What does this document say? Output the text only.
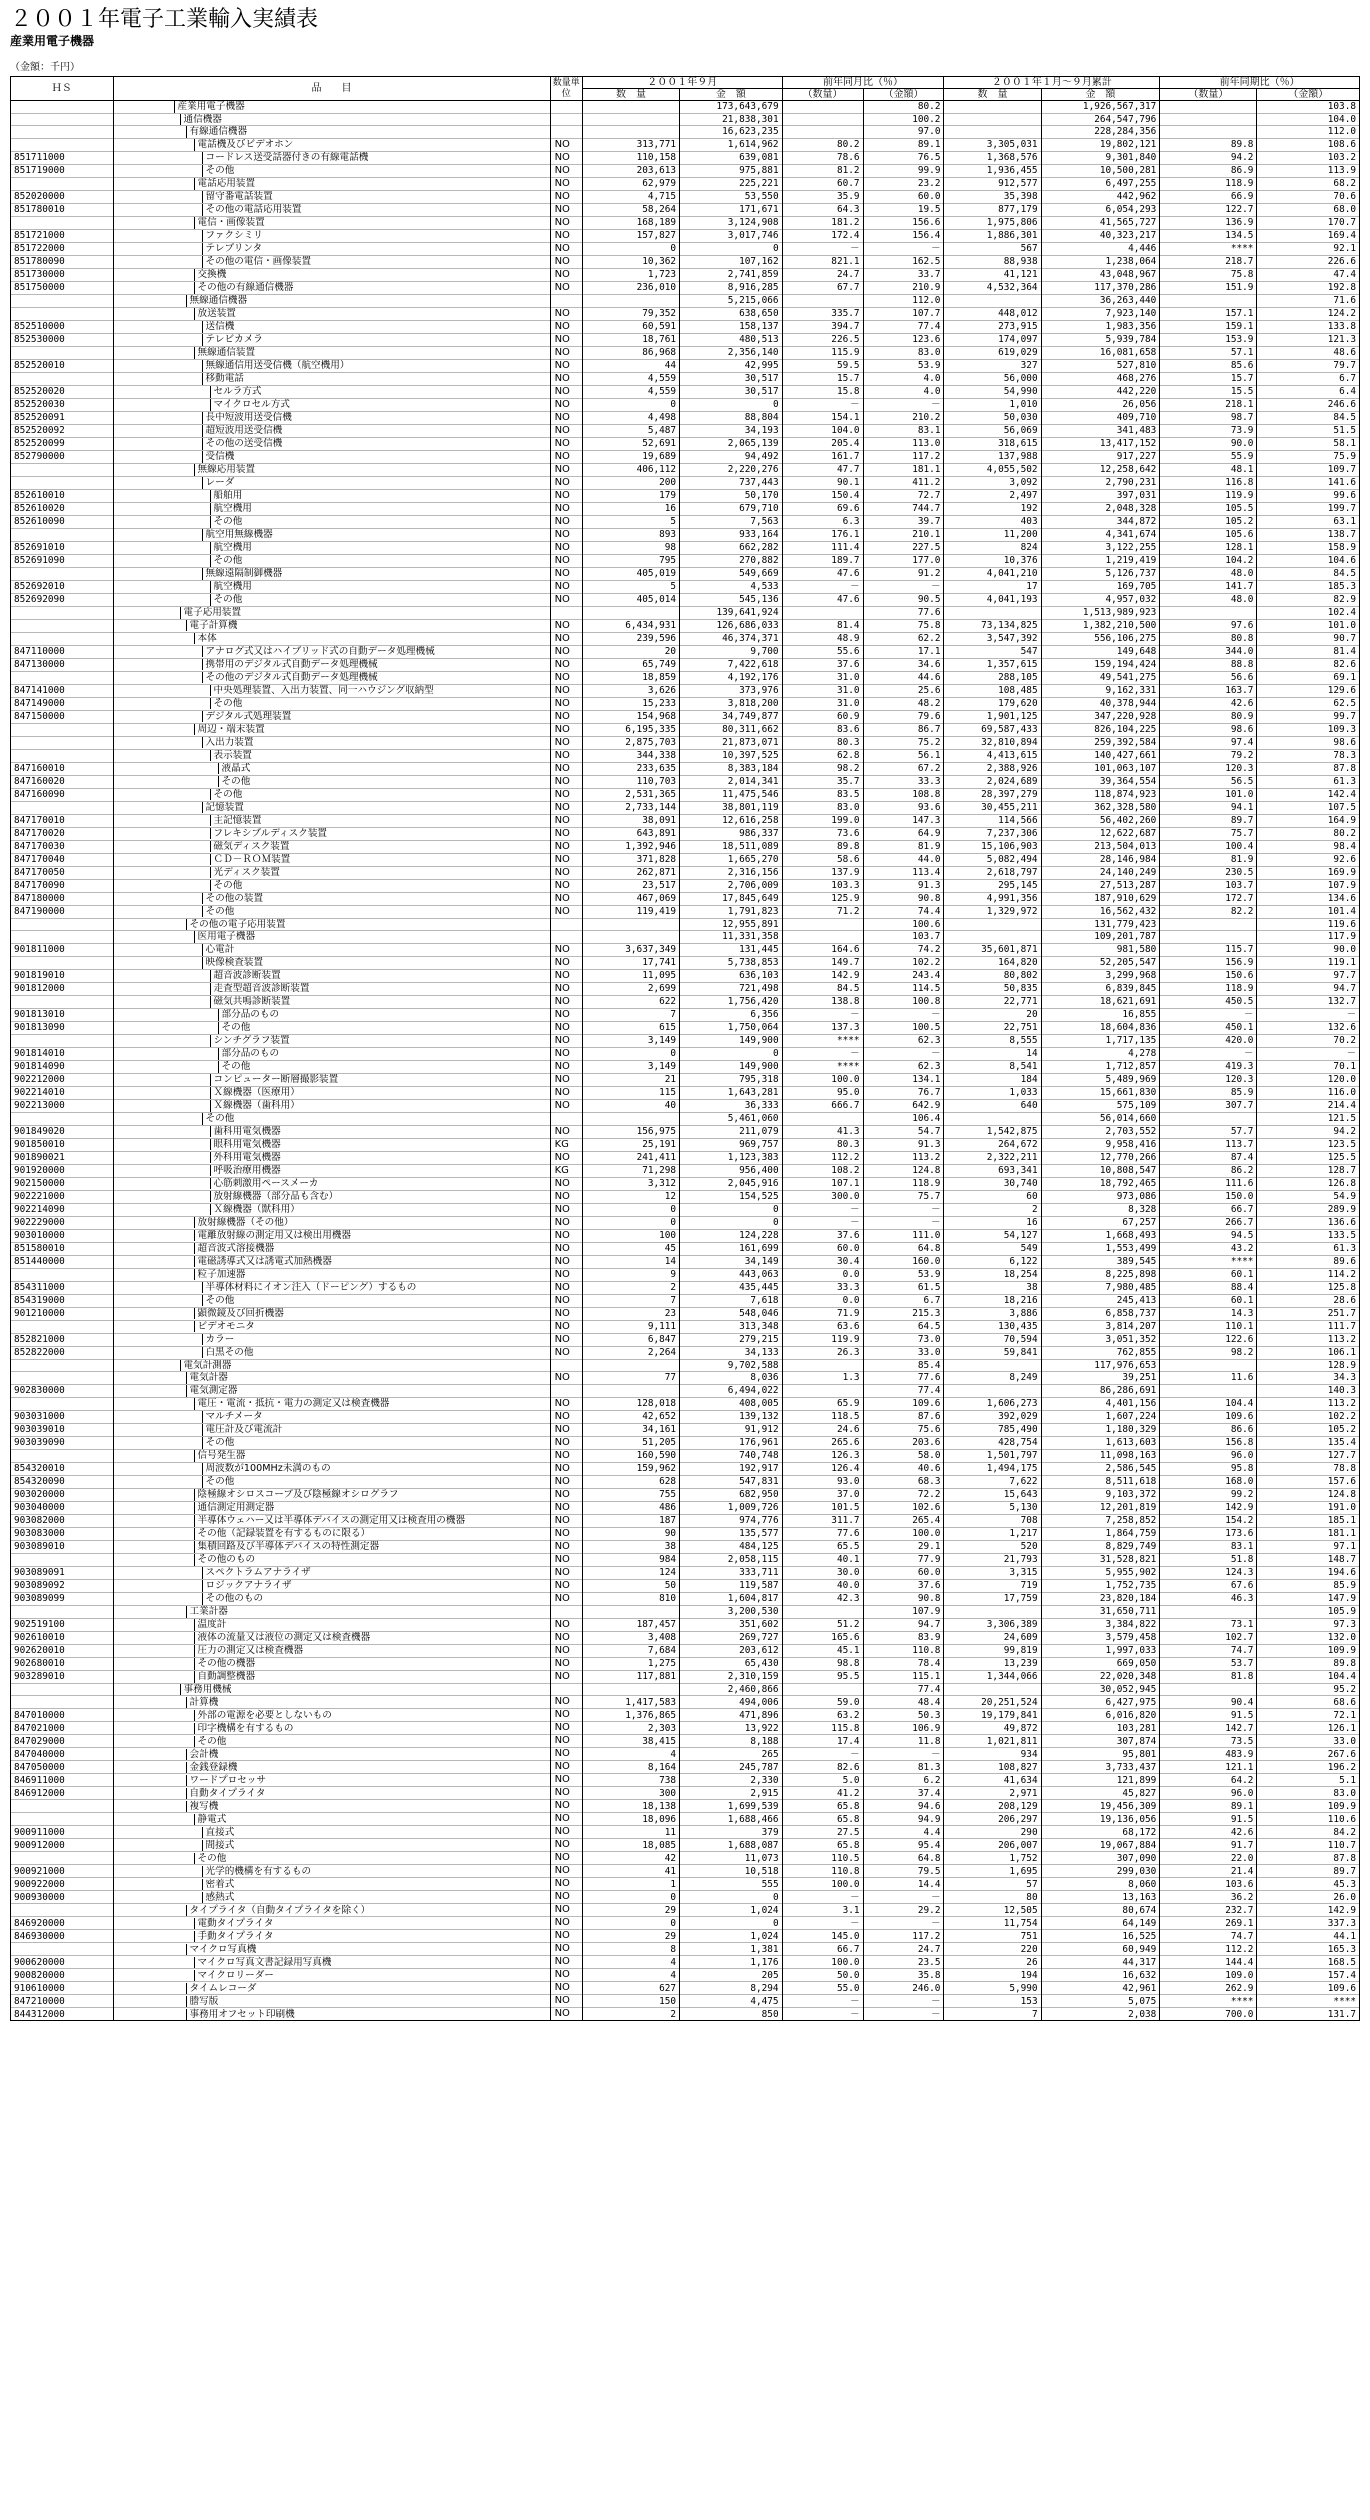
２００１年電子工業輸入実績表
産業用電子機器
（金額：千円）
ＨＳ	品　　目	数量単位	２００１年９月		前年同月比（％）		２００１年１月～９月累計		前年同期比（％）	
			数　量	金　額	（数量）	（金額）	数　量	金　額	（数量）	（金額）
	産業用電子機器			173,643,679		80.2		1,926,567,317		103.8
	通信機器			21,838,301		100.2		264,547,796		104.0
	有線通信機器			16,623,235		97.0		228,284,356		112.0
	電話機及びビデオホン	NO	313,771	1,614,962	80.2	89.1	3,305,031	19,802,121	89.8	108.6
851711000	コードレス送受話器付きの有線電話機	NO	110,158	639,081	78.6	76.5	1,368,576	9,301,840	94.2	103.2
851719000	その他	NO	203,613	975,881	81.2	99.9	1,936,455	10,500,281	86.9	113.9
	電話応用装置	NO	62,979	225,221	60.7	23.2	912,577	6,497,255	118.9	68.2
852020000	留守番電話装置	NO	4,715	53,550	35.9	60.0	35,398	442,962	66.9	70.6
851780010	その他の電話応用装置	NO	58,264	171,671	64.3	19.5	877,179	6,054,293	122.7	68.0
	電信・画像装置	NO	168,189	3,124,908	181.2	156.6	1,975,806	41,565,727	136.9	170.7
851721000	ファクシミリ	NO	157,827	3,017,746	172.4	156.4	1,886,301	40,323,217	134.5	169.4
851722000	テレプリンタ	NO	0	0	－	－	567	4,446	****	92.1
851780090	その他の電信・画像装置	NO	10,362	107,162	821.1	162.5	88,938	1,238,064	218.7	226.6
851730000	交換機	NO	1,723	2,741,859	24.7	33.7	41,121	43,048,967	75.8	47.4
851750000	その他の有線通信機器	NO	236,010	8,916,285	67.7	210.9	4,532,364	117,370,286	151.9	192.8
	無線通信機器			5,215,066		112.0		36,263,440		71.6
	放送装置	NO	79,352	638,650	335.7	107.7	448,012	7,923,140	157.1	124.2
852510000	送信機	NO	60,591	158,137	394.7	77.4	273,915	1,983,356	159.1	133.8
852530000	テレビカメラ	NO	18,761	480,513	226.5	123.6	174,097	5,939,784	153.9	121.3
	無線通信装置	NO	86,968	2,356,140	115.9	83.0	619,029	16,081,658	57.1	48.6
852520010	無線通信用送受信機（航空機用）	NO	44	42,995	59.5	53.9	327	527,810	85.6	79.7
	移動電話	NO	4,559	30,517	15.7	4.0	56,000	468,276	15.7	6.7
852520020	セルラ方式	NO	4,559	30,517	15.8	4.0	54,990	442,220	15.5	6.4
852520030	マイクロセル方式	NO	0	0	－	－	1,010	26,056	218.1	246.6
852520091	長中短波用送受信機	NO	4,498	88,804	154.1	210.2	50,030	409,710	98.7	84.5
852520092	超短波用送受信機	NO	5,487	34,193	104.0	83.1	56,069	341,483	73.9	51.5
852520099	その他の送受信機	NO	52,691	2,065,139	205.4	113.0	318,615	13,417,152	90.0	58.1
852790000	受信機	NO	19,689	94,492	161.7	117.2	137,988	917,227	55.9	75.9
	無線応用装置	NO	406,112	2,220,276	47.7	181.1	4,055,502	12,258,642	48.1	109.7
	レーダ	NO	200	737,443	90.1	411.2	3,092	2,790,231	116.8	141.6
852610010	船舶用	NO	179	50,170	150.4	72.7	2,497	397,031	119.9	99.6
852610020	航空機用	NO	16	679,710	69.6	744.7	192	2,048,328	105.5	199.7
852610090	その他	NO	5	7,563	6.3	39.7	403	344,872	105.2	63.1
	航空用無線機器	NO	893	933,164	176.1	210.1	11,200	4,341,674	105.6	138.7
852691010	航空機用	NO	98	662,282	111.4	227.5	824	3,122,255	128.1	158.9
852691090	その他	NO	795	270,882	189.7	177.0	10,376	1,219,419	104.2	104.6
	無線遠隔制御機器	NO	405,019	549,669	47.6	91.2	4,041,210	5,126,737	48.0	84.5
852692010	航空機用	NO	5	4,533	－	－	17	169,705	141.7	185.3
852692090	その他	NO	405,014	545,136	47.6	90.5	4,041,193	4,957,032	48.0	82.9
	電子応用装置			139,641,924		77.6		1,513,989,923		102.4
	電子計算機	NO	6,434,931	126,686,033	81.4	75.8	73,134,825	1,382,210,500	97.6	101.0
	本体	NO	239,596	46,374,371	48.9	62.2	3,547,392	556,106,275	80.8	90.7
847110000	アナログ式又はハイブリッド式の自動データ処理機械	NO	20	9,700	55.6	17.1	547	149,648	344.0	81.4
847130000	携帯用のデジタル式自動データ処理機械	NO	65,749	7,422,618	37.6	34.6	1,357,615	159,194,424	88.8	82.6
	その他のデジタル式自動データ処理機械	NO	18,859	4,192,176	31.0	44.6	288,105	49,541,275	56.6	69.1
847141000	中央処理装置、入出力装置、同一ハウジング収納型	NO	3,626	373,976	31.0	25.6	108,485	9,162,331	163.7	129.6
847149000	その他	NO	15,233	3,818,200	31.0	48.2	179,620	40,378,944	42.6	62.5
847150000	デジタル式処理装置	NO	154,968	34,749,877	60.9	79.6	1,901,125	347,220,928	80.9	99.7
	周辺・端末装置	NO	6,195,335	80,311,662	83.6	86.7	69,587,433	826,104,225	98.6	109.3
	入出力装置	NO	2,875,703	21,873,071	80.3	75.2	32,810,894	259,392,584	97.4	98.6
	表示装置	NO	344,338	10,397,525	62.8	56.1	4,413,615	140,427,661	79.2	78.3
847160010	液晶式	NO	233,635	8,383,184	98.2	67.2	2,388,926	101,063,107	120.3	87.8
847160020	その他	NO	110,703	2,014,341	35.7	33.3	2,024,689	39,364,554	56.5	61.3
847160090	その他	NO	2,531,365	11,475,546	83.5	108.8	28,397,279	118,874,923	101.0	142.4
	記憶装置	NO	2,733,144	38,801,119	83.0	93.6	30,455,211	362,328,580	94.1	107.5
847170010	主記憶装置	NO	38,091	12,616,258	199.0	147.3	114,566	56,402,260	89.7	164.9
847170020	フレキシブルディスク装置	NO	643,891	986,337	73.6	64.9	7,237,306	12,622,687	75.7	80.2
847170030	磁気ディスク装置	NO	1,392,946	18,511,089	89.8	81.9	15,106,903	213,504,013	100.4	98.4
847170040	ＣＤ－ＲＯＭ装置	NO	371,828	1,665,270	58.6	44.0	5,082,494	28,146,984	81.9	92.6
847170050	光ディスク装置	NO	262,871	2,316,156	137.9	113.4	2,618,797	24,140,249	230.5	169.9
847170090	その他	NO	23,517	2,706,009	103.3	91.3	295,145	27,513,287	103.7	107.9
847180000	その他の装置	NO	467,069	17,845,649	125.9	90.8	4,991,356	187,910,629	172.7	134.6
847190000	その他	NO	119,419	1,791,823	71.2	74.4	1,329,972	16,562,432	82.2	101.4
	その他の電子応用装置			12,955,891		100.6		131,779,423		119.6
	医用電子機器			11,331,358		103.7		109,201,787		117.9
901811000	心電計	NO	3,637,349	131,445	164.6	74.2	35,601,871	981,580	115.7	90.0
	映像検査装置	NO	17,741	5,738,853	149.7	102.2	164,820	52,205,547	156.9	119.1
901819010	超音波診断装置	NO	11,095	636,103	142.9	243.4	80,802	3,299,968	150.6	97.7
901812000	走査型超音波診断装置	NO	2,699	721,498	84.5	114.5	50,835	6,839,845	118.9	94.7
	磁気共鳴診断装置	NO	622	1,756,420	138.8	100.8	22,771	18,621,691	450.5	132.7
901813010	部分品のもの	NO	7	6,356	－	－	20	16,855	－	－
901813090	その他	NO	615	1,750,064	137.3	100.5	22,751	18,604,836	450.1	132.6
	シンチグラフ装置	NO	3,149	149,900	****	62.3	8,555	1,717,135	420.0	70.2
901814010	部分品のもの	NO	0	0	－	－	14	4,278	－	－
901814090	その他	NO	3,149	149,900	****	62.3	8,541	1,712,857	419.3	70.1
902212000	コンピューター断層撮影装置	NO	21	795,318	100.0	134.1	184	5,489,969	120.3	120.0
902214010	Ｘ線機器（医療用）	NO	115	1,643,281	95.0	76.7	1,033	15,661,830	85.9	116.0
902213000	Ｘ線機器（歯科用）	NO	40	36,333	666.7	642.9	640	575,109	307.7	214.4
	その他			5,461,060		106.4		56,014,660		121.5
901849020	歯科用電気機器	NO	156,975	211,079	41.3	54.7	1,542,875	2,703,552	57.7	94.2
901850010	眼科用電気機器	KG	25,191	969,757	80.3	91.3	264,672	9,958,416	113.7	123.5
901890021	外科用電気機器	NO	241,411	1,123,383	112.2	113.2	2,322,211	12,770,266	87.4	125.5
901920000	呼吸治療用機器	KG	71,298	956,400	108.2	124.8	693,341	10,808,547	86.2	128.7
902150000	心筋刺激用ペースメーカ	NO	3,312	2,045,916	107.1	118.9	30,740	18,792,465	111.6	126.8
902221000	放射線機器（部分品も含む）	NO	12	154,525	300.0	75.7	60	973,086	150.0	54.9
902214090	Ｘ線機器（獣科用）	NO	0	0	－	－	2	8,328	66.7	289.9
902229000	放射線機器（その他）	NO	0	0	－	－	16	67,257	266.7	136.6
903010000	電離放射線の測定用又は検出用機器	NO	100	124,228	37.6	111.0	54,127	1,668,493	94.5	133.5
851580010	超音波式溶接機器	NO	45	161,699	60.0	64.8	549	1,553,499	43.2	61.3
851440000	電磁誘導式又は誘電式加熱機器	NO	14	34,149	30.4	160.0	6,122	389,545	****	89.6
	粒子加速器	NO	9	443,063	0.0	53.9	18,254	8,225,898	60.1	114.2
854311000	半導体材料にイオン注入（ドーピング）するもの	NO	2	435,445	33.3	61.5	38	7,980,485	88.4	125.8
854319000	その他	NO	7	7,618	0.0	6.7	18,216	245,413	60.1	28.6
901210000	顕微鏡及び回折機器	NO	23	548,046	71.9	215.3	3,886	6,858,737	14.3	251.7
	ビデオモニタ	NO	9,111	313,348	63.6	64.5	130,435	3,814,207	110.1	111.7
852821000	カラー	NO	6,847	279,215	119.9	73.0	70,594	3,051,352	122.6	113.2
852822000	白黒その他	NO	2,264	34,133	26.3	33.0	59,841	762,855	98.2	106.1
	電気計測器			9,702,588		85.4		117,976,653		128.9
	電気計器	NO	77	8,036	1.3	77.6	8,249	39,251	11.6	34.3
902830000	電気測定器			6,494,022		77.4		86,286,691		140.3
	電圧・電流・抵抗・電力の測定又は検査機器	NO	128,018	408,005	65.9	109.6	1,606,273	4,401,156	104.4	113.2
903031000	マルチメータ	NO	42,652	139,132	118.5	87.6	392,029	1,607,224	109.6	102.2
903039010	電圧計及び電流計	NO	34,161	91,912	24.6	75.6	785,490	1,180,329	86.6	105.2
903039090	その他	NO	51,205	176,961	265.6	203.6	428,754	1,613,603	156.8	135.4
	信号発生器	NO	160,590	740,748	126.3	58.0	1,501,797	11,098,163	96.0	127.7
854320010	周波数が100MHz未満のもの	NO	159,962	192,917	126.4	40.6	1,494,175	2,586,545	95.8	78.8
854320090	その他	NO	628	547,831	93.0	68.3	7,622	8,511,618	168.0	157.6
903020000	陰極線オシロスコープ及び陰極線オシログラフ	NO	755	682,950	37.0	72.2	15,643	9,103,372	99.2	124.8
903040000	通信測定用測定器	NO	486	1,009,726	101.5	102.6	5,130	12,201,819	142.9	191.0
903082000	半導体ウェハー又は半導体デバイスの測定用又は検査用の機器	NO	187	974,776	311.7	265.4	708	7,258,852	154.2	185.1
903083000	その他（記録装置を有するものに限る）	NO	90	135,577	77.6	100.0	1,217	1,864,759	173.6	181.1
903089010	集積回路及び半導体デバイスの特性測定器	NO	38	484,125	65.5	29.1	520	8,829,749	83.1	97.1
	その他のもの	NO	984	2,058,115	40.1	77.9	21,793	31,528,821	51.8	148.7
903089091	スペクトラムアナライザ	NO	124	333,711	30.0	60.0	3,315	5,955,902	124.3	194.6
903089092	ロジックアナライザ	NO	50	119,587	40.0	37.6	719	1,752,735	67.6	85.9
903089099	その他のもの	NO	810	1,604,817	42.3	90.8	17,759	23,820,184	46.3	147.9
	工業計器			3,200,530		107.9		31,650,711		105.9
902519100	温度計	NO	187,457	351,602	51.2	94.7	3,306,389	3,384,822	73.1	97.3
902610010	液体の流量又は液位の測定又は検査機器	NO	3,408	269,727	165.6	83.9	24,609	3,579,458	102.7	132.0
902620010	圧力の測定又は検査機器	NO	7,684	203,612	45.1	110.8	99,819	1,997,033	74.7	109.9
902680010	その他の機器	NO	1,275	65,430	98.8	78.4	13,239	669,050	53.7	89.8
903289010	自動調整機器	NO	117,881	2,310,159	95.5	115.1	1,344,066	22,020,348	81.8	104.4
	事務用機械			2,460,866		77.4		30,052,945		95.2
	計算機	NO	1,417,583	494,006	59.0	48.4	20,251,524	6,427,975	90.4	68.6
847010000	外部の電源を必要としないもの	NO	1,376,865	471,896	63.2	50.3	19,179,841	6,016,820	91.5	72.1
847021000	印字機構を有するもの	NO	2,303	13,922	115.8	106.9	49,872	103,281	142.7	126.1
847029000	その他	NO	38,415	8,188	17.4	11.8	1,021,811	307,874	73.5	33.0
847040000	会計機	NO	4	265	－	－	934	95,801	483.9	267.6
847050000	金銭登録機	NO	8,164	245,787	82.6	81.3	108,827	3,733,437	121.1	196.2
846911000	ワードプロセッサ	NO	738	2,330	5.0	6.2	41,634	121,899	64.2	5.1
846912000	自動タイプライタ	NO	300	2,915	41.2	37.4	2,971	45,827	96.0	83.0
	複写機	NO	18,138	1,699,539	65.8	94.6	208,129	19,456,309	89.1	109.9
	静電式	NO	18,096	1,688,466	65.8	94.9	206,297	19,136,056	91.5	110.6
900911000	直接式	NO	11	379	27.5	4.4	290	68,172	42.6	84.2
900912000	間接式	NO	18,085	1,688,087	65.8	95.4	206,007	19,067,884	91.7	110.7
	その他	NO	42	11,073	110.5	64.8	1,752	307,090	22.0	87.8
900921000	光学的機構を有するもの	NO	41	10,518	110.8	79.5	1,695	299,030	21.4	89.7
900922000	密着式	NO	1	555	100.0	14.4	57	8,060	103.6	45.3
900930000	感熱式	NO	0	0	－	－	80	13,163	36.2	26.0
	タイプライタ（自動タイプライタを除く）	NO	29	1,024	3.1	29.2	12,505	80,674	232.7	142.9
846920000	電動タイプライタ	NO	0	0	－	－	11,754	64,149	269.1	337.3
846930000	手動タイプライタ	NO	29	1,024	145.0	117.2	751	16,525	74.7	44.1
	マイクロ写真機	NO	8	1,381	66.7	24.7	220	60,949	112.2	165.3
900620000	マイクロ写真文書記録用写真機	NO	4	1,176	100.0	23.5	26	44,317	144.4	168.5
900820000	マイクロリーダー	NO	4	205	50.0	35.8	194	16,632	109.0	157.4
910610000	タイムレコーダ	NO	627	8,294	55.0	246.0	5,990	42,961	262.9	109.6
847210000	謄写版	NO	150	4,475	－	－	153	5,075	****	****
844312000	事務用オフセット印刷機	NO	2	850	－	－	7	2,038	700.0	131.7
